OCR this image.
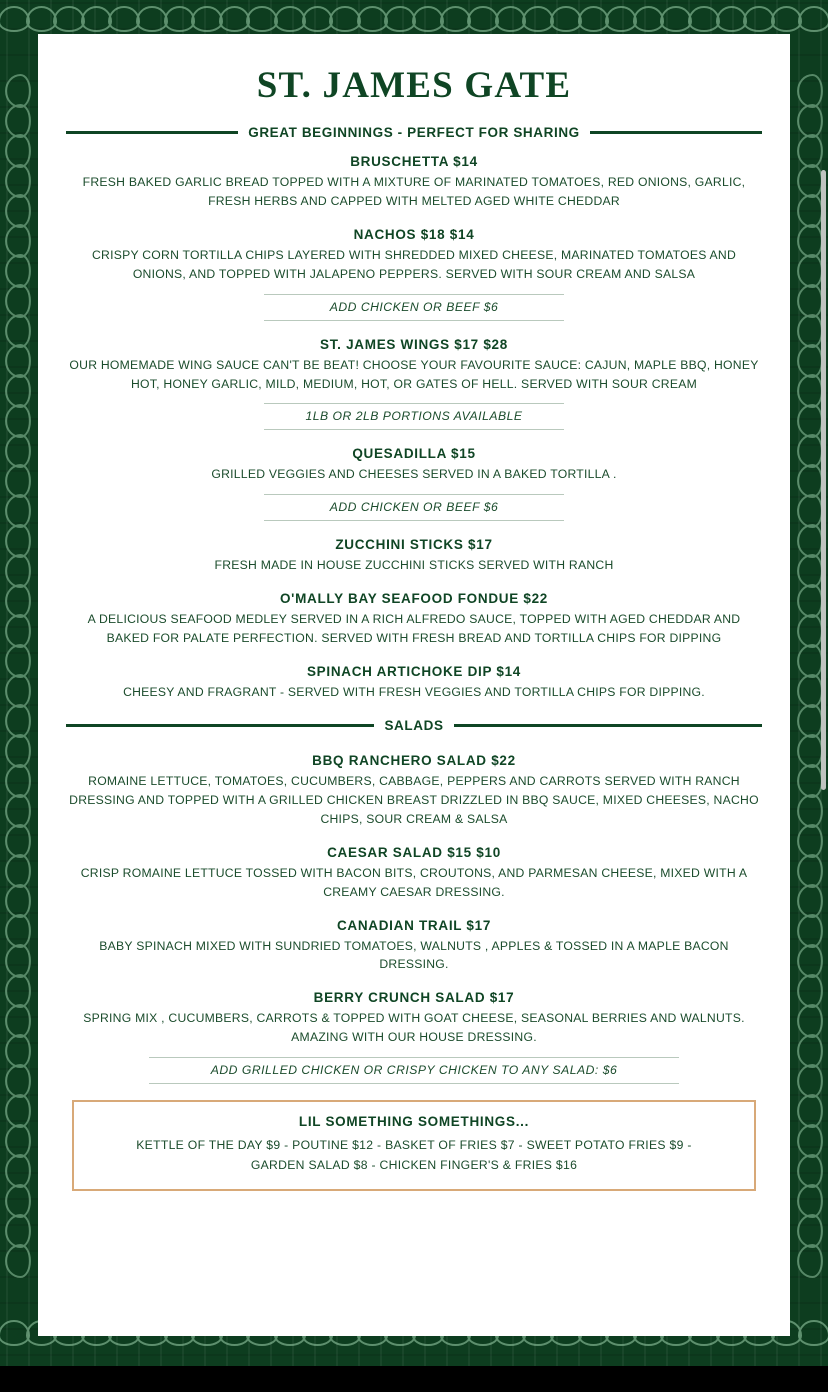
ST. JAMES GATE
GREAT BEGINNINGS - PERFECT FOR SHARING
BRUSCHETTA $14
FRESH BAKED GARLIC BREAD TOPPED WITH A MIXTURE OF MARINATED TOMATOES, RED ONIONS, GARLIC, FRESH HERBS AND CAPPED WITH MELTED AGED WHITE CHEDDAR
NACHOS $18 $14
CRISPY CORN TORTILLA CHIPS LAYERED WITH SHREDDED MIXED CHEESE, MARINATED TOMATOES AND ONIONS, AND TOPPED WITH JALAPENO PEPPERS. SERVED WITH SOUR CREAM AND SALSA
ADD CHICKEN OR BEEF $6
ST. JAMES WINGS $17 $28
OUR HOMEMADE WING SAUCE CAN'T BE BEAT! CHOOSE YOUR FAVOURITE SAUCE: CAJUN, MAPLE BBQ, HONEY HOT, HONEY GARLIC, MILD, MEDIUM, HOT, OR GATES OF HELL. SERVED WITH SOUR CREAM
1LB OR 2LB PORTIONS AVAILABLE
QUESADILLA $15
GRILLED VEGGIES AND CHEESES SERVED IN A BAKED TORTILLA .
ADD CHICKEN OR BEEF $6
ZUCCHINI STICKS $17
FRESH MADE IN HOUSE ZUCCHINI STICKS SERVED WITH RANCH
O'MALLY BAY SEAFOOD FONDUE $22
A DELICIOUS SEAFOOD MEDLEY SERVED IN A RICH ALFREDO SAUCE, TOPPED WITH AGED CHEDDAR AND BAKED FOR PALATE PERFECTION. SERVED WITH FRESH BREAD AND TORTILLA CHIPS FOR DIPPING
SPINACH ARTICHOKE DIP $14
CHEESY AND FRAGRANT - SERVED WITH FRESH VEGGIES AND TORTILLA CHIPS FOR DIPPING.
SALADS
BBQ RANCHERO SALAD $22
ROMAINE LETTUCE, TOMATOES, CUCUMBERS, CABBAGE, PEPPERS AND CARROTS SERVED WITH RANCH DRESSING AND TOPPED WITH A GRILLED CHICKEN BREAST DRIZZLED IN BBQ SAUCE, MIXED CHEESES, NACHO CHIPS, SOUR CREAM & SALSA
CAESAR SALAD $15 $10
CRISP ROMAINE LETTUCE TOSSED WITH BACON BITS, CROUTONS, AND PARMESAN CHEESE, MIXED WITH A CREAMY CAESAR DRESSING.
CANADIAN TRAIL $17
BABY SPINACH MIXED WITH SUNDRIED TOMATOES, WALNUTS , APPLES & TOSSED IN A MAPLE BACON DRESSING.
BERRY CRUNCH SALAD $17
SPRING MIX , CUCUMBERS, CARROTS & TOPPED WITH GOAT CHEESE, SEASONAL BERRIES AND WALNUTS. AMAZING WITH OUR HOUSE DRESSING.
ADD GRILLED CHICKEN OR CRISPY CHICKEN TO ANY SALAD: $6
LIL SOMETHING SOMETHINGS...
KETTLE OF THE DAY $9 - POUTINE $12 - BASKET OF FRIES $7 - SWEET POTATO FRIES $9 -
GARDEN SALAD $8 - CHICKEN FINGER'S & FRIES $16
